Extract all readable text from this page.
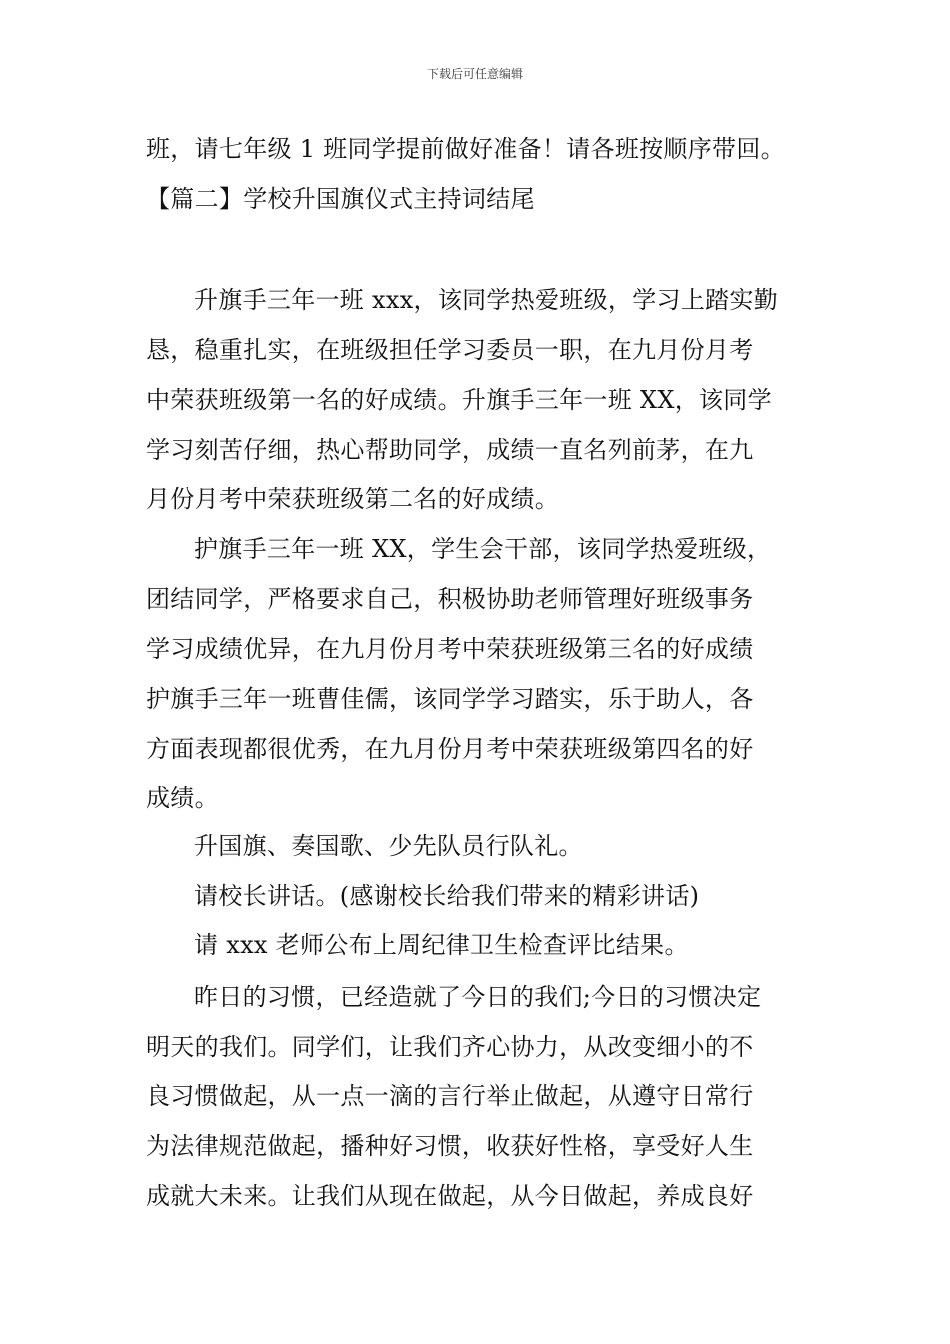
下载后可任意编辑
班，请七年级 1 班同学提前做好准备！请各班按顺序带回。
【篇二】学校升国旗仪式主持词结尾
升旗手三年一班 xxx，该同学热爱班级，学习上踏实勤
恳，稳重扎实，在班级担任学习委员一职，在九月份月考
中荣获班级第一名的好成绩。升旗手三年一班 XX，该同学
学习刻苦仔细，热心帮助同学，成绩一直名列前茅，在九
月份月考中荣获班级第二名的好成绩。
护旗手三年一班 XX，学生会干部，该同学热爱班级，
团结同学，严格要求自己，积极协助老师管理好班级事务
学习成绩优异，在九月份月考中荣获班级第三名的好成绩
护旗手三年一班曹佳儒，该同学学习踏实，乐于助人，各
方面表现都很优秀，在九月份月考中荣获班级第四名的好
成绩。
升国旗、奏国歌、少先队员行队礼。
请校长讲话。(感谢校长给我们带来的精彩讲话)
请 xxx 老师公布上周纪律卫生检查评比结果。
昨日的习惯，已经造就了今日的我们;今日的习惯决定
明天的我们。同学们，让我们齐心协力，从改变细小的不
良习惯做起，从一点一滴的言行举止做起，从遵守日常行
为法律规范做起，播种好习惯，收获好性格，享受好人生
成就大未来。让我们从现在做起，从今日做起，养成良好
